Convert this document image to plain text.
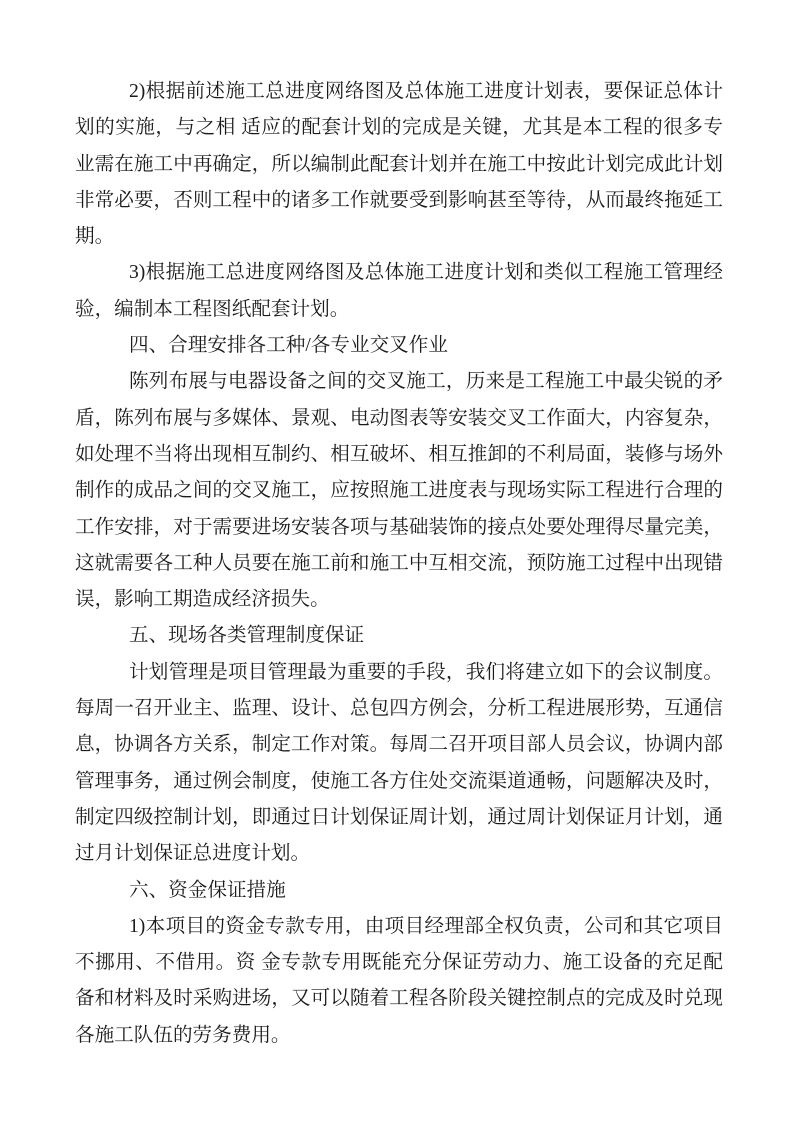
2)根据前述施工总进度网络图及总体施工进度计划表，要保证总体计划的实施，与之相 适应的配套计划的完成是关键，尤其是本工程的很多专业需在施工中再确定，所以编制此配套计划并在施工中按此计划完成此计划非常必要，否则工程中的诸多工作就要受到影响甚至等待，从而最终拖延工期。

3)根据施工总进度网络图及总体施工进度计划和类似工程施工管理经验，编制本工程图纸配套计划。

四、合理安排各工种/各专业交叉作业

陈列布展与电器设备之间的交叉施工，历来是工程施工中最尖锐的矛盾，陈列布展与多媒体、景观、电动图表等安装交叉工作面大，内容复杂，如处理不当将出现相互制约、相互破坏、相互推卸的不利局面，装修与场外制作的成品之间的交叉施工，应按照施工进度表与现场实际工程进行合理的工作安排，对于需要进场安装各项与基础装饰的接点处要处理得尽量完美，这就需要各工种人员要在施工前和施工中互相交流，预防施工过程中出现错误，影响工期造成经济损失。

五、现场各类管理制度保证

计划管理是项目管理最为重要的手段，我们将建立如下的会议制度。每周一召开业主、监理、设计、总包四方例会，分析工程进展形势，互通信息，协调各方关系，制定工作对策。每周二召开项目部人员会议，协调内部管理事务，通过例会制度，使施工各方住处交流渠道通畅，问题解决及时，制定四级控制计划，即通过日计划保证周计划，通过周计划保证月计划，通过月计划保证总进度计划。

六、资金保证措施

1)本项目的资金专款专用，由项目经理部全权负责，公司和其它项目不挪用、不借用。资 金专款专用既能充分保证劳动力、施工设备的充足配备和材料及时采购进场，又可以随着工程各阶段关键控制点的完成及时兑现各施工队伍的劳务费用。
